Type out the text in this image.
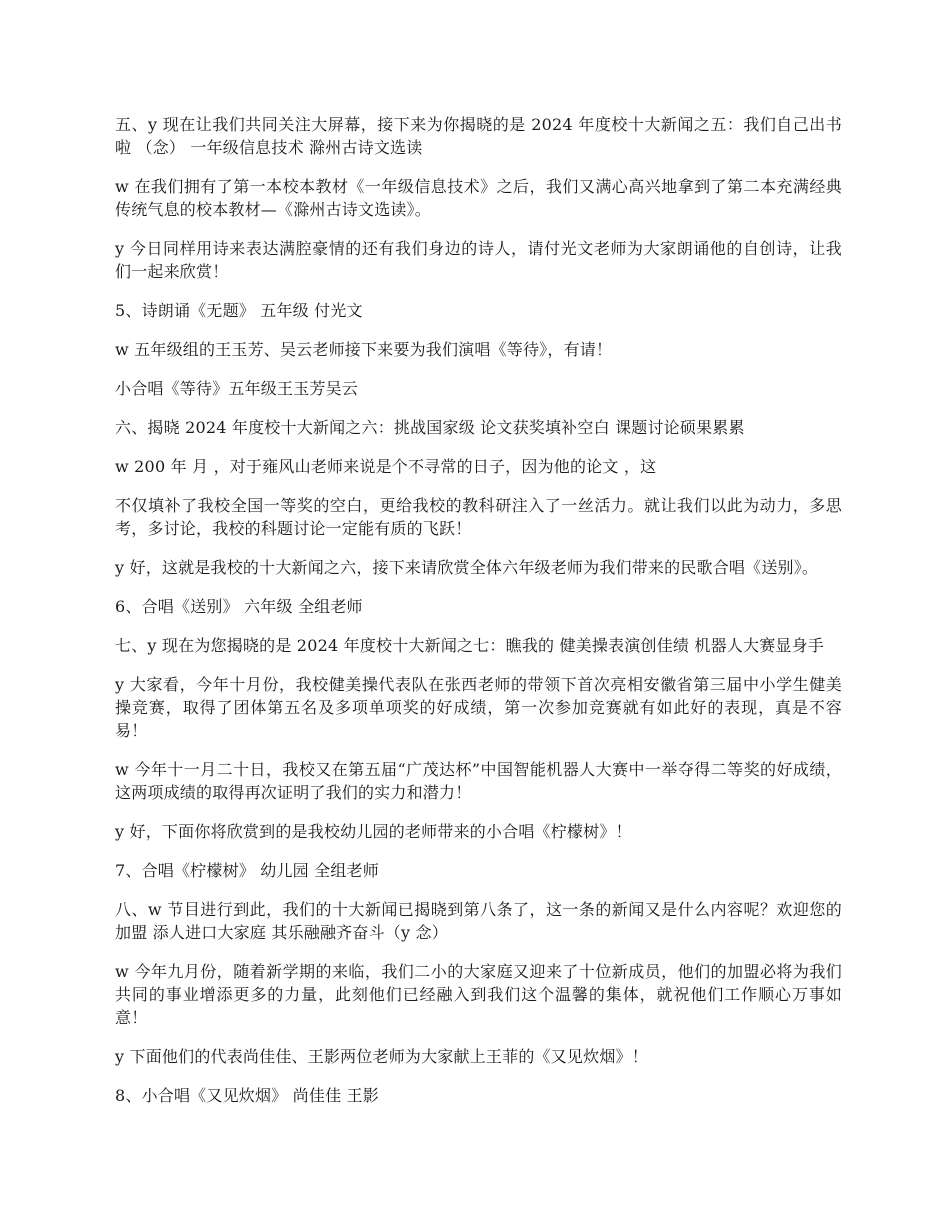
五、y 现在让我们共同关注大屏幕，接下来为你揭晓的是 2024 年度校十大新闻之五：我们自己出书啦 （念） 一年级信息技术 滁州古诗文选读

w 在我们拥有了第一本校本教材《一年级信息技术》之后，我们又满心高兴地拿到了第二本充满经典传统气息的校本教材—《滁州古诗文选读》。

y 今日同样用诗来表达满腔豪情的还有我们身边的诗人，请付光文老师为大家朗诵他的自创诗，让我们一起来欣赏！

5、诗朗诵《无题》 五年级 付光文

w 五年级组的王玉芳、吴云老师接下来要为我们演唱《等待》，有请！

小合唱《等待》五年级王玉芳吴云

六、揭晓 2024 年度校十大新闻之六：挑战国家级 论文获奖填补空白 课题讨论硕果累累

w 200 年 月 ，对于雍风山老师来说是个不寻常的日子，因为他的论文 ，这

不仅填补了我校全国一等奖的空白，更给我校的教科研注入了一丝活力。就让我们以此为动力，多思考，多讨论，我校的科题讨论一定能有质的飞跃！

y 好，这就是我校的十大新闻之六，接下来请欣赏全体六年级老师为我们带来的民歌合唱《送别》。

6、合唱《送别》 六年级 全组老师

七、y 现在为您揭晓的是 2024 年度校十大新闻之七：瞧我的 健美操表演创佳绩 机器人大赛显身手

y 大家看，今年十月份，我校健美操代表队在张西老师的带领下首次亮相安徽省第三届中小学生健美操竞赛，取得了团体第五名及多项单项奖的好成绩，第一次参加竞赛就有如此好的表现，真是不容易！

w 今年十一月二十日，我校又在第五届“广茂达杯”中国智能机器人大赛中一举夺得二等奖的好成绩，这两项成绩的取得再次证明了我们的实力和潜力！

y 好，下面你将欣赏到的是我校幼儿园的老师带来的小合唱《柠檬树》！

7、合唱《柠檬树》 幼儿园 全组老师

八、w 节目进行到此，我们的十大新闻已揭晓到第八条了，这一条的新闻又是什么内容呢？欢迎您的加盟 添人进口大家庭 其乐融融齐奋斗（y 念）

w 今年九月份，随着新学期的来临，我们二小的大家庭又迎来了十位新成员，他们的加盟必将为我们共同的事业增添更多的力量，此刻他们已经融入到我们这个温馨的集体，就祝他们工作顺心万事如意！

y 下面他们的代表尚佳佳、王影两位老师为大家献上王菲的《又见炊烟》！

8、小合唱《又见炊烟》 尚佳佳 王影
